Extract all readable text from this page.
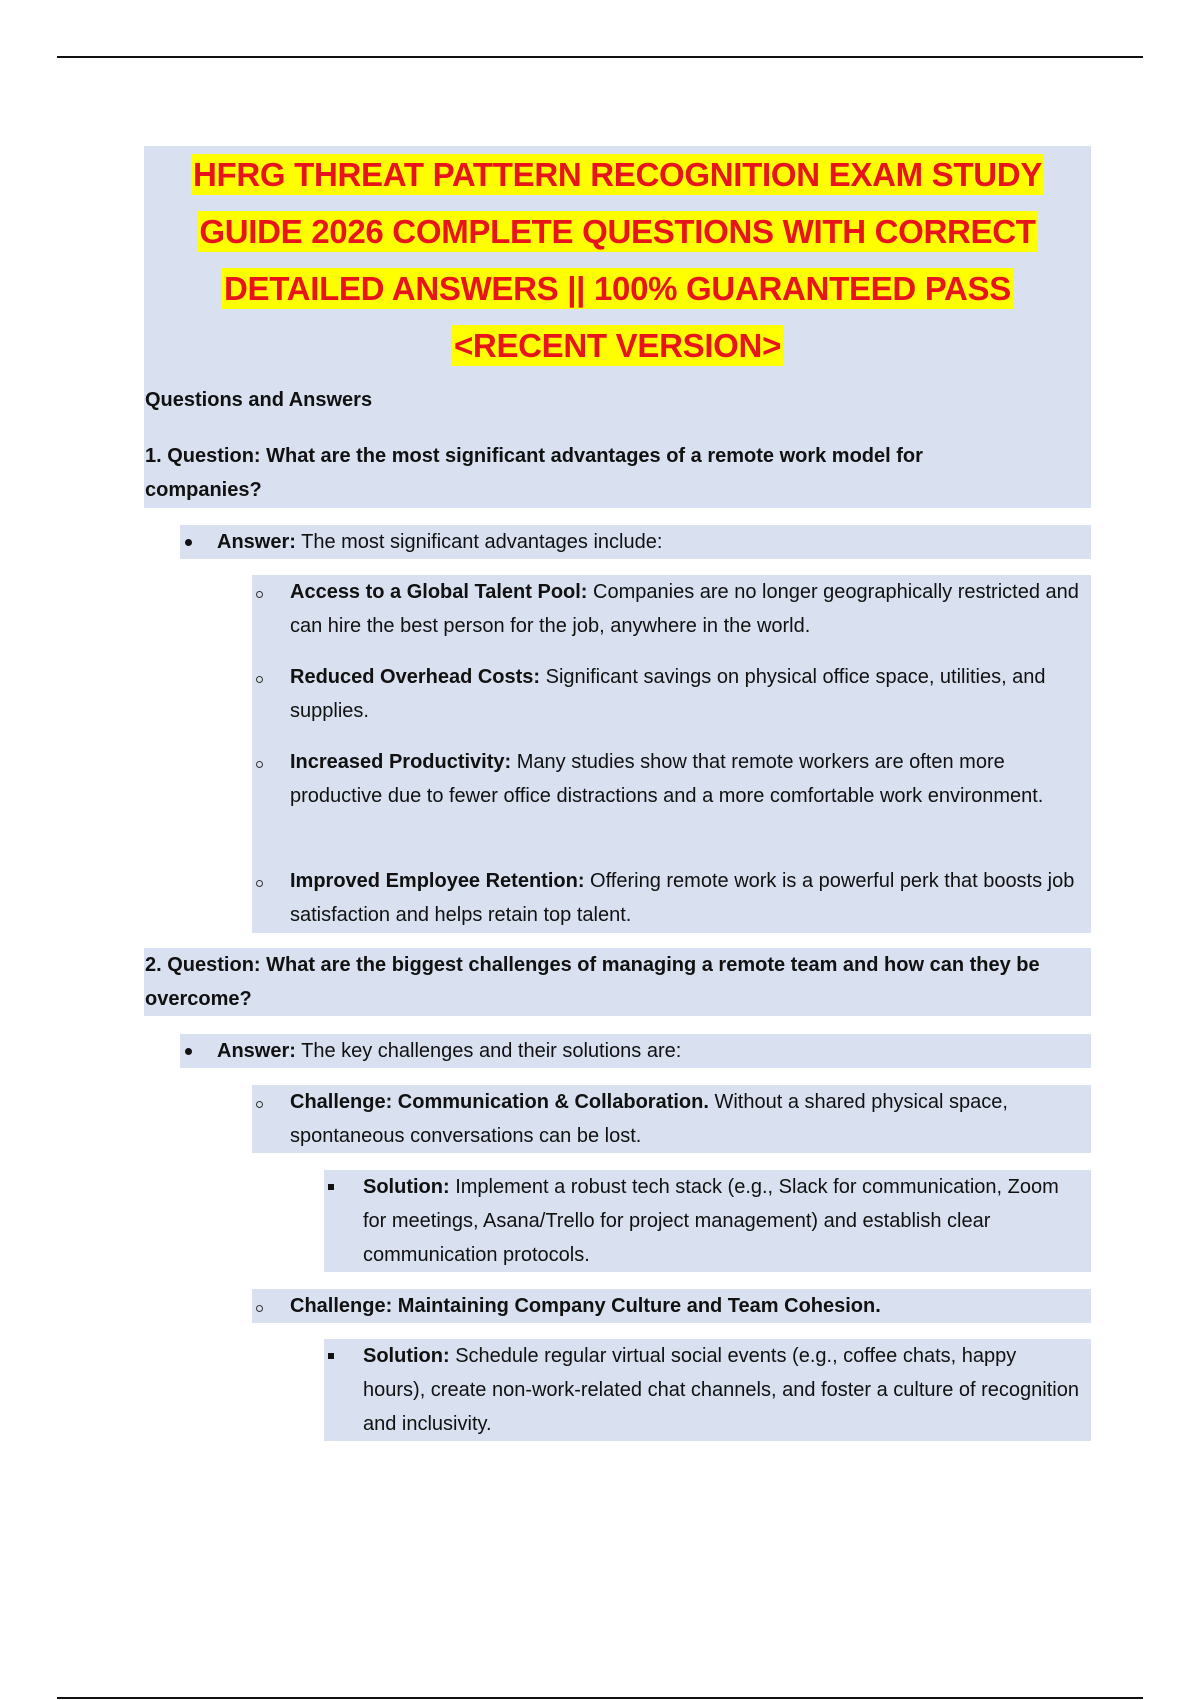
HFRG THREAT PATTERN RECOGNITION EXAM STUDY
GUIDE 2026 COMPLETE QUESTIONS WITH CORRECT
DETAILED ANSWERS || 100% GUARANTEED PASS
<RECENT VERSION>
Questions and Answers
1. Question: What are the most significant advantages of a remote work model for companies?
Answer: The most significant advantages include:
Access to a Global Talent Pool: Companies are no longer geographically restricted and can hire the best person for the job, anywhere in the world.
Reduced Overhead Costs: Significant savings on physical office space, utilities, and supplies.
Increased Productivity: Many studies show that remote workers are often more productive due to fewer office distractions and a more comfortable work environment.
Improved Employee Retention: Offering remote work is a powerful perk that boosts job satisfaction and helps retain top talent.
2. Question: What are the biggest challenges of managing a remote team and how can they be overcome?
Answer: The key challenges and their solutions are:
Challenge: Communication & Collaboration. Without a shared physical space, spontaneous conversations can be lost.
Solution: Implement a robust tech stack (e.g., Slack for communication, Zoom for meetings, Asana/Trello for project management) and establish clear communication protocols.
Challenge: Maintaining Company Culture and Team Cohesion.
Solution: Schedule regular virtual social events (e.g., coffee chats, happy hours), create non-work-related chat channels, and foster a culture of recognition and inclusivity.
